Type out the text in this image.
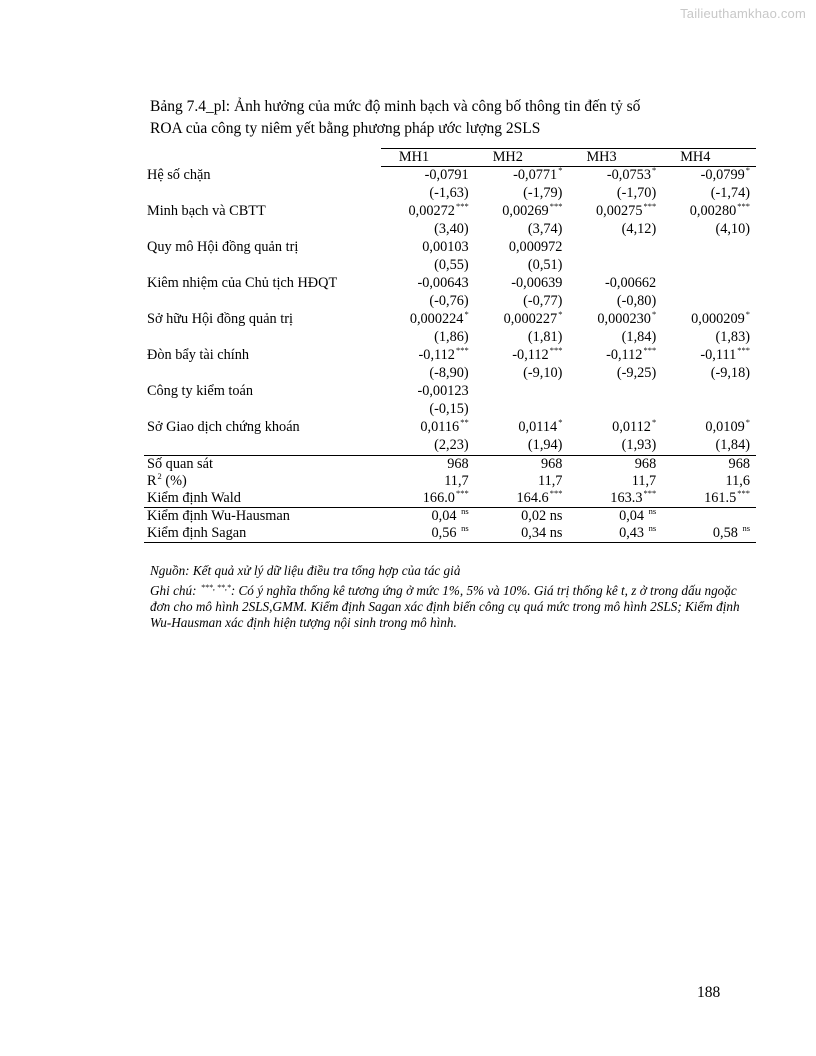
Tailieuthamkhao.com
Bảng 7.4_pl: Ảnh hưởng của mức độ minh bạch và công bố thông tin đến tỷ số
ROA của công ty niêm yết bằng phương pháp ước lượng 2SLS
	MH1	MH2	MH3	MH4
Hệ số chặn	-0,0791	-0,0771*	-0,0753*	-0,0799*
	(-1,63)	(-1,79)	(-1,70)	(-1,74)
Minh bạch và CBTT	0,00272***	0,00269***	0,00275***	0,00280***
	(3,40)	(3,74)	(4,12)	(4,10)
Quy mô Hội đồng quản trị	0,00103	0,000972		
	(0,55)	(0,51)		
Kiêm nhiệm của Chủ tịch HĐQT	-0,00643	-0,00639	-0,00662	
	(-0,76)	(-0,77)	(-0,80)	
Sở hữu Hội đồng quản trị	0,000224*	0,000227*	0,000230*	0,000209*
	(1,86)	(1,81)	(1,84)	(1,83)
Đòn bẩy tài chính	-0,112***	-0,112***	-0,112***	-0,111***
	(-8,90)	(-9,10)	(-9,25)	(-9,18)
Công ty kiểm toán	-0,00123			
	(-0,15)			
Sở Giao dịch chứng khoán	0,0116**	0,0114*	0,0112*	0,0109*
	(2,23)	(1,94)	(1,93)	(1,84)
Số quan sát	968	968	968	968
$R^2$ (%)	11,7	11,7	11,7	11,6
Kiểm định Wald	166.0***	164.6***	163.3***	161.5***
Kiểm định Wu-Hausman	0,04 $^{ns}$	0,02 ns	0,04 $^{ns}$	
Kiểm định Sagan	0,56 $^{ns}$	0,34 ns	0,43 $^{ns}$	0,58 $^{ns}$
Nguồn: Kết quả xử lý dữ liệu điều tra tổng hợp của tác giả
Ghi chú: ***, **,*: Có ý nghĩa thống kê tương ứng ở mức 1%, 5% và 10%. Giá trị thống kê t, z ở trong dấu ngoặc đơn cho mô hình 2SLS,GMM. Kiểm định Sagan xác định biến công cụ quá mức trong mô hình 2SLS; Kiểm định Wu-Hausman xác định hiện tượng nội sinh trong mô hình.
188
